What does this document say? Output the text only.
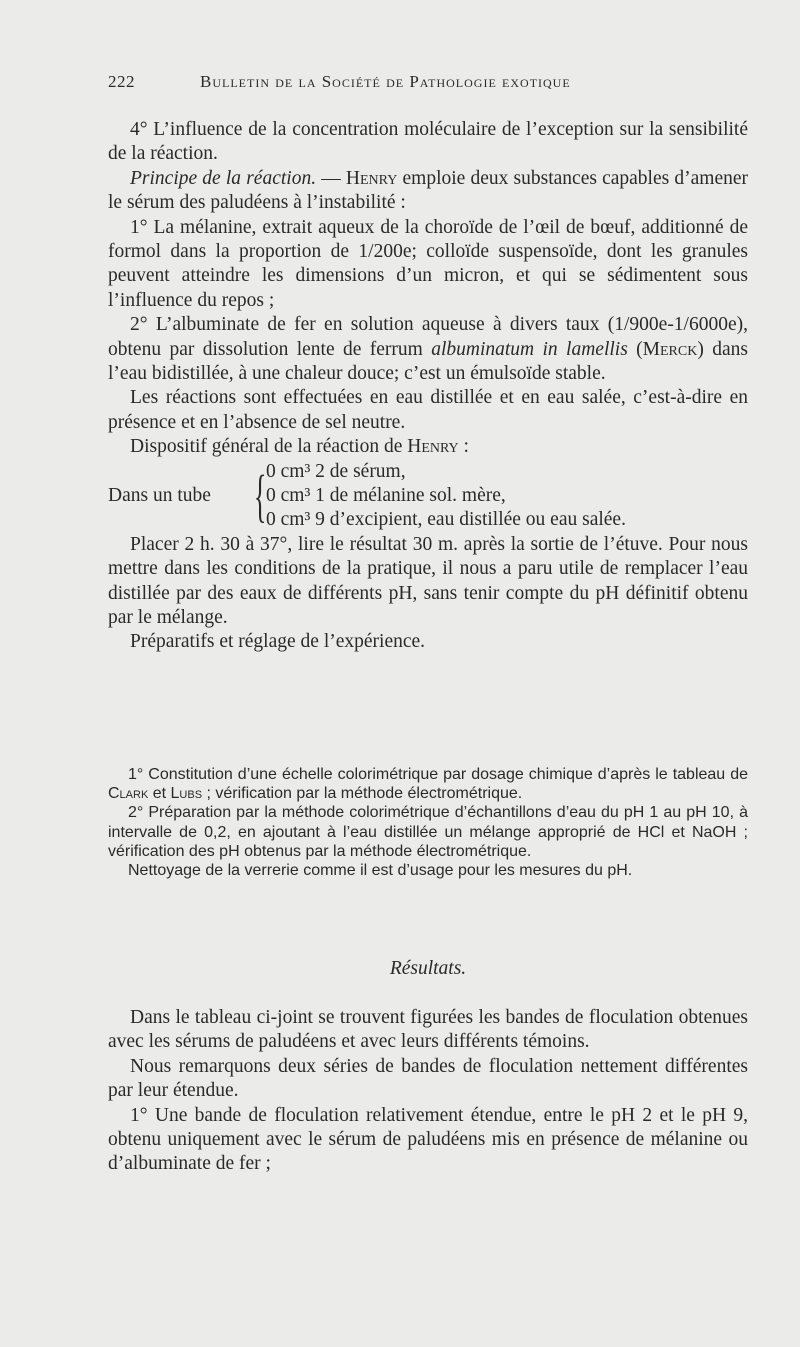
222	Bulletin de la Société de Pathologie exotique

4° L’influence de la concentration moléculaire de l’exception sur la sensibilité de la réaction.

Principe de la réaction. — Henry emploie deux substances capables d’amener le sérum des paludéens à l’instabilité :

1° La mélanine, extrait aqueux de la choroïde de l’œil de bœuf, additionné de formol dans la proportion de 1/200e; colloïde suspensoïde, dont les granules peuvent atteindre les dimensions d’un micron, et qui se sédimentent sous l’influence du repos ;

2° L’albuminate de fer en solution aqueuse à divers taux (1/900e-1/6000e), obtenu par dissolution lente de ferrum albuminatum in lamellis (Merck) dans l’eau bidistillée, à une chaleur douce; c’est un émulsoïde stable.

Les réactions sont effectuées en eau distillée et en eau salée, c’est-à-dire en présence et en l’absence de sel neutre.

Dispositif général de la réaction de Henry :

Dans un tube { 0 cm³ 2 de sérum,
0 cm³ 1 de mélanine sol. mère,
0 cm³ 9 d’excipient, eau distillée ou eau salée.

Placer 2 h. 30 à 37°, lire le résultat 30 m. après la sortie de l’étuve. Pour nous mettre dans les conditions de la pratique, il nous a paru utile de remplacer l’eau distillée par des eaux de différents pH, sans tenir compte du pH définitif obtenu par le mélange.

Préparatifs et réglage de l’expérience.

1° Constitution d’une échelle colorimétrique par dosage chimique d’après le tableau de Clark et Lubs ; vérification par la méthode électrométrique.

2° Préparation par la méthode colorimétrique d’échantillons d’eau du pH 1 au pH 10, à intervalle de 0,2, en ajoutant à l’eau distillée un mélange approprié de HCl et NaOH ; vérification des pH obtenus par la méthode électrométrique.

Nettoyage de la verrerie comme il est d’usage pour les mesures du pH.

Résultats.

Dans le tableau ci-joint se trouvent figurées les bandes de floculation obtenues avec les sérums de paludéens et avec leurs différents témoins.

Nous remarquons deux séries de bandes de floculation nettement différentes par leur étendue.

1° Une bande de floculation relativement étendue, entre le pH 2 et le pH 9, obtenu uniquement avec le sérum de paludéens mis en présence de mélanine ou d’albuminate de fer ;
